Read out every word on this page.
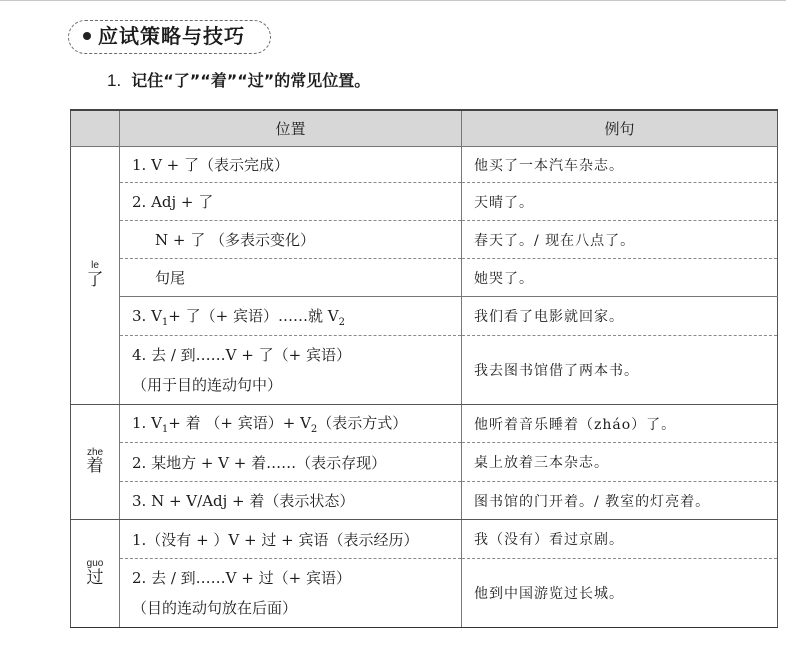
应试策略与技巧
1. 记住“了”“着”“过”的常见位置。
	位置	例句

le
了	1. V + 了（表示完成）	他买了一本汽车杂志。
	2. Adj + 了	天晴了。
	N + 了 （多表示变化）	春天了。/ 现在八点了。
	句尾	她哭了。
	3. $V_1+$ 了（+ 宾语）……就 $V_2$	我们看了电影就回家。
	4. 去 / 到……V + 了（+ 宾语）
（用于目的连动句中）	我去图书馆借了两本书。

zhe
着	1. $V_1+$ 着 （+ 宾语）+ $V_2$（表示方式）	他听着音乐睡着（zháo）了。
	2. 某地方 + V + 着……（表示存现）	桌上放着三本杂志。
	3. N + V/Adj + 着（表示状态）	图书馆的门开着。/ 教室的灯亮着。

guo
过	1.（没有 + ）V + 过 + 宾语（表示经历）	我（没有）看过京剧。
	2. 去 / 到……V + 过（+ 宾语）
（目的连动句放在后面）	他到中国游览过长城。
